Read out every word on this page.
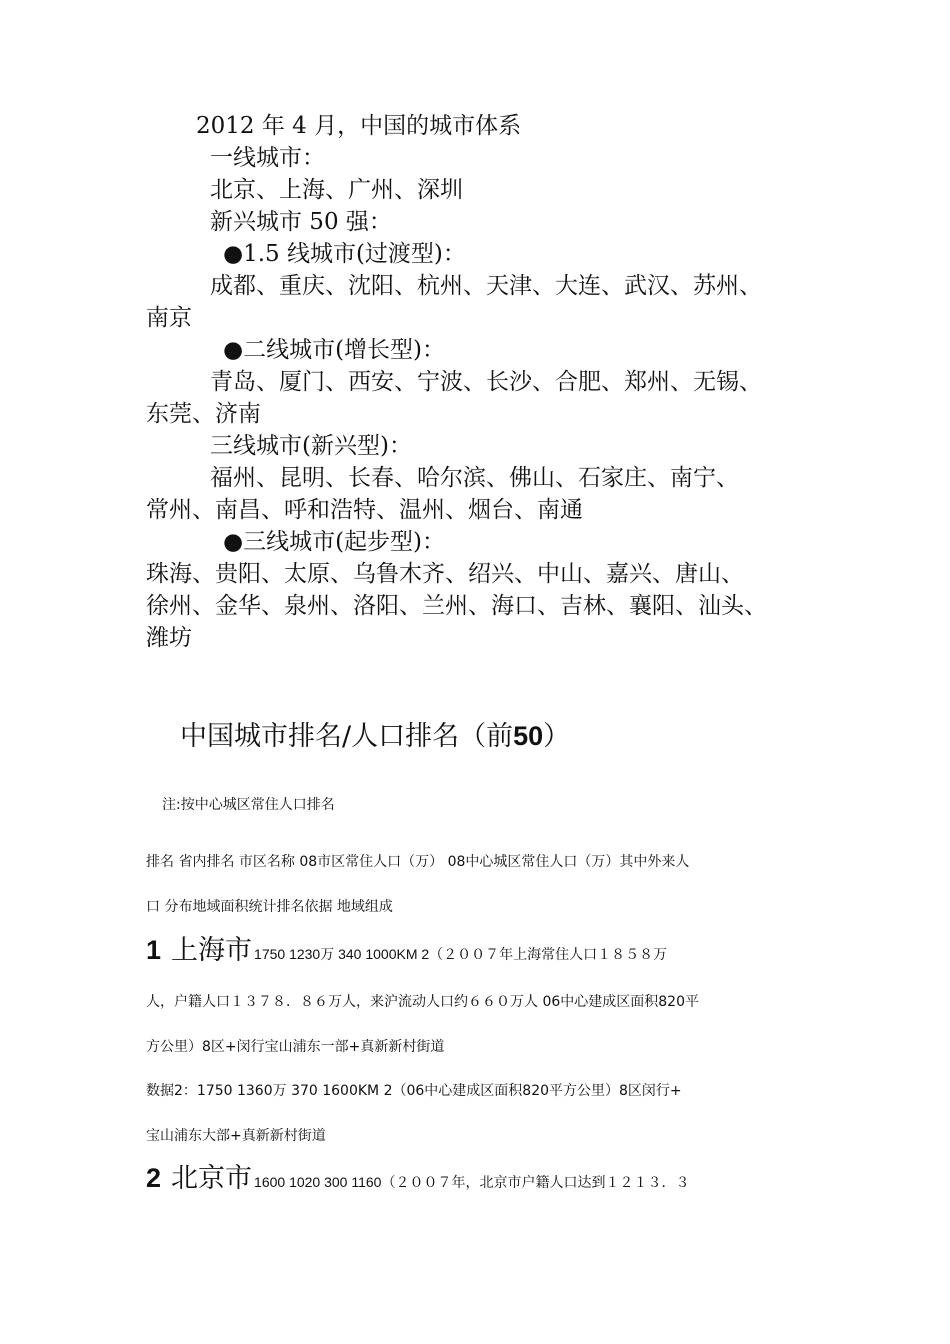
2012 年 4 月，中国的城市体系
一线城市：
北京、上海、广州、深圳
新兴城市 50 强：
●1.5 线城市(过渡型)：
成都、重庆、沈阳、杭州、天津、大连、武汉、苏州、
南京
●二线城市(增长型)：
青岛、厦门、西安、宁波、长沙、合肥、郑州、无锡、
东莞、济南
三线城市(新兴型)：
福州、昆明、长春、哈尔滨、佛山、石家庄、南宁、
常州、南昌、呼和浩特、温州、烟台、南通
●三线城市(起步型)：
珠海、贵阳、太原、乌鲁木齐、绍兴、中山、嘉兴、唐山、
徐州、金华、泉州、洛阳、兰州、海口、吉林、襄阳、汕头、
潍坊
中国城市排名/人口排名（前50）
注:按中心城区常住人口排名
排名 省内排名 市区名称 08市区常住人口（万） 08中心城区常住人口（万）其中外来人
口 分布地域面积统计排名依据 地域组成
1 上海市 1750 1230万 340 1000KM 2（２００７年上海常住人口１８５８万
人，户籍人口１３７８．８６万人，来沪流动人口约６６０万人 06中心建成区面积820平
方公里）8区+闵行宝山浦东一部+真新新村街道
数据2：1750 1360万 370 1600KM 2（06中心建成区面积820平方公里）8区闵行+
宝山浦东大部+真新新村街道
2 北京市 1600 1020 300 1160（２００７年，北京市户籍人口达到１２１３．３
